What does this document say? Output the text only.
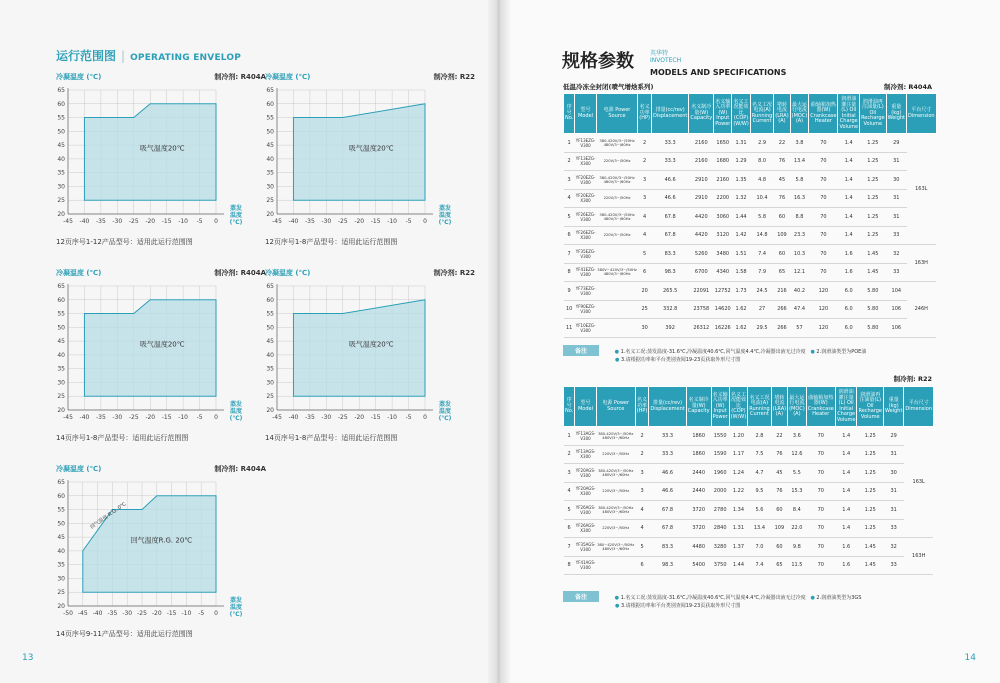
运行范围图 | OPERATING ENVELOP
冷凝温度 (℃)	制冷剂: R404A
65
60
55
50
45
40
35
30
25
20
-45 -40 -35 -30 -25 -20 -15 -10 -5 0
吸气温度20℃
蒸发
温度
(℃)
12页序号1-12产品型号：适用此运行范围图
冷凝温度 (℃)	制冷剂: R22
65
60
55
50
45
40
35
30
25
20
-45 -40 -35 -30 -25 -20 -15 -10 -5 0
吸气温度20℃
蒸发
温度
(℃)
12页序号1-8产品型号：适用此运行范围图
冷凝温度 (℃)	制冷剂: R404A
65
60
55
50
45
40
35
30
25
20
-45 -40 -35 -30 -25 -20 -15 -10 -5 0
吸气温度20℃
蒸发
温度
(℃)
14页序号1-8产品型号：适用此运行范围图
冷凝温度 (℃)	制冷剂: R22
65
60
55
50
45
40
35
30
25
20
-45 -40 -35 -30 -25 -20 -15 -10 -5 0
吸气温度20℃
蒸发
温度
(℃)
14页序号1-8产品型号：适用此运行范围图
冷凝温度 (℃)	制冷剂: R404A
65
60
55
50
45
40
35
30
25
20
-50 -45 -40 -35 -30 -25 -20 -15 -10 -5 0
回气温度R.G. 20℃
回气温度 R.G. 0℃
蒸发
温度
(℃)
14页序号9-11产品型号：适用此运行范围图
13
规格参数	英华特
INVOTECH
MODELS AND SPECIFICATIONS
低温冷冻全封闭(喷气增焓系列)	制冷剂: R404A
序号 No.	型号 Model	电源 Power Source	名义功率(HP)	排量(cc/rev) Displacement	名义制冷量(W) Capacity	名义输入功率(W) Input Power	名义工况能效比(COP) (W/W)	名义工况电流(A) Running Current	堵转电流(LRA)(A)	最大运行电流(MOC)(A)	曲轴箱加热器(W) Crankcase Heater	润滑油灌注量(L) Oil Initial Charge Volume	润滑油再注油量(L) Oil Recharge Volume	重量(kg) Weight	平台尺寸 Dimension
1	YF13EZG-V300	380-420V/3~/50Hz 480V/3~/60Hz	2	33.3	2160	1650	1.31	2.9	22	3.8	70	1.4	1.25	29	163L
2	YF13EZG-X300	220V/3~/50Hz	2	33.3	2160	1680	1.29	8.0	76	13.4	70	1.4	1.25	31	
3	YF20EZG-V300	380-420V/3~/50Hz 480V/3~/60Hz	3	46.6	2910	2160	1.35	4.8	45	5.8	70	1.4	1.25	30	
4	YF20EZG-X300	220V/3~/50Hz	3	46.6	2910	2200	1.32	10.4	76	16.3	70	1.4	1.25	31	
5	YF26EZG-V300	380-420V/3~/50Hz 480V/3~/60Hz	4	67.8	4420	3060	1.44	5.8	60	8.8	70	1.4	1.25	31	
6	YF26EZG-X300	220V/3~/50Hz	4	67.8	4420	3120	1.42	14.8	109	23.3	70	1.4	1.25	33	
7	YF35EZG-V300		5	83.3	5260	3480	1.51	7.4	60	10.3	70	1.6	1.45	32	163H
8	YF41EZG-V300	380V~420V/3~/50Hz 480V/3~/60Hz	6	98.3	6700	4340	1.58	7.9	65	12.1	70	1.6	1.45	33	
9	YF73EZG-V300		20	265.5	22091	12752	1.73	24.5	216	40.2	120	6.0	5.80	104	246H
10	YF90EZG-V300		25	332.8	23758	14620	1.62	27	266	47.4	120	6.0	5.80	106	
11	YF10EZG-V300		30	392	26312	16226	1.62	29.5	266	57	120	6.0	5.80	106	
备注	● 1.名义工况:蒸发温度-31.6℃,冷凝温度40.6℃,回气温度4.4℃,冷凝器出液无过冷度 ● 2.润滑油类型为POE油
● 3.请根据功率和平台类别查阅19-23页获取外形尺寸图
制冷剂: R22
序号 No.	型号 Model	电源 Power Source	名义功率(HP)	排量(cc/rev) Displacement	名义制冷量(W) Capacity	名义输入功率(W) Input Power	名义工况能效比(COP) (W/W)	名义工况电流(A) Running Current	堵转电流(LRA)(A)	最大运行电流(MOC)(A)	曲轴箱加热器(W) Crankcase Heater	润滑油灌注量(L) Oil Initial Charge Volume	润滑油再注油量(L) Oil Recharge Volume	重量(kg) Weight	平台尺寸 Dimension
1	YF13AGS-V300	380-420V/3~/50Hz 480V/3~/60Hz	2	33.3	1860	1550	1.20	2.8	22	3.6	70	1.4	1.25	29	163L
2	YF13AGS-X300	220V/3~/50Hz	2	33.3	1860	1590	1.17	7.5	76	12.6	70	1.4	1.25	31	
3	YF20AGS-V300	380-420V/3~/50Hz 480V/3~/60Hz	3	46.6	2440	1960	1.24	4.7	45	5.5	70	1.4	1.25	30	
4	YF20AGS-X300	220V/3~/50Hz	3	46.6	2440	2000	1.22	9.5	76	15.3	70	1.4	1.25	31	
5	YF26AGS-V300	380-420V/3~/50Hz 480V/3~/60Hz	4	67.8	3720	2780	1.34	5.6	60	8.4	70	1.4	1.25	31	
6	YF26AGS-X300	220V/3~/50Hz	4	67.8	3720	2840	1.31	13.4	109	22.0	70	1.4	1.25	33	
7	YF35AGS-V300	380~420V/3~/50Hz 480V/3~/60Hz	5	83.3	4480	3280	1.37	7.0	60	9.8	70	1.6	1.45	32	163H
8	YF41AGS-V300		6	98.3	5400	3750	1.44	7.4	65	11.5	70	1.6	1.45	33	
备注	● 1.名义工况:蒸发温度-31.6℃,冷凝温度40.6℃,回气温度4.4℃,冷凝器出液无过冷度 ● 2.润滑油类型为3GS
● 3.请根据功率和平台类别查阅19-23页获取外形尺寸图
14
